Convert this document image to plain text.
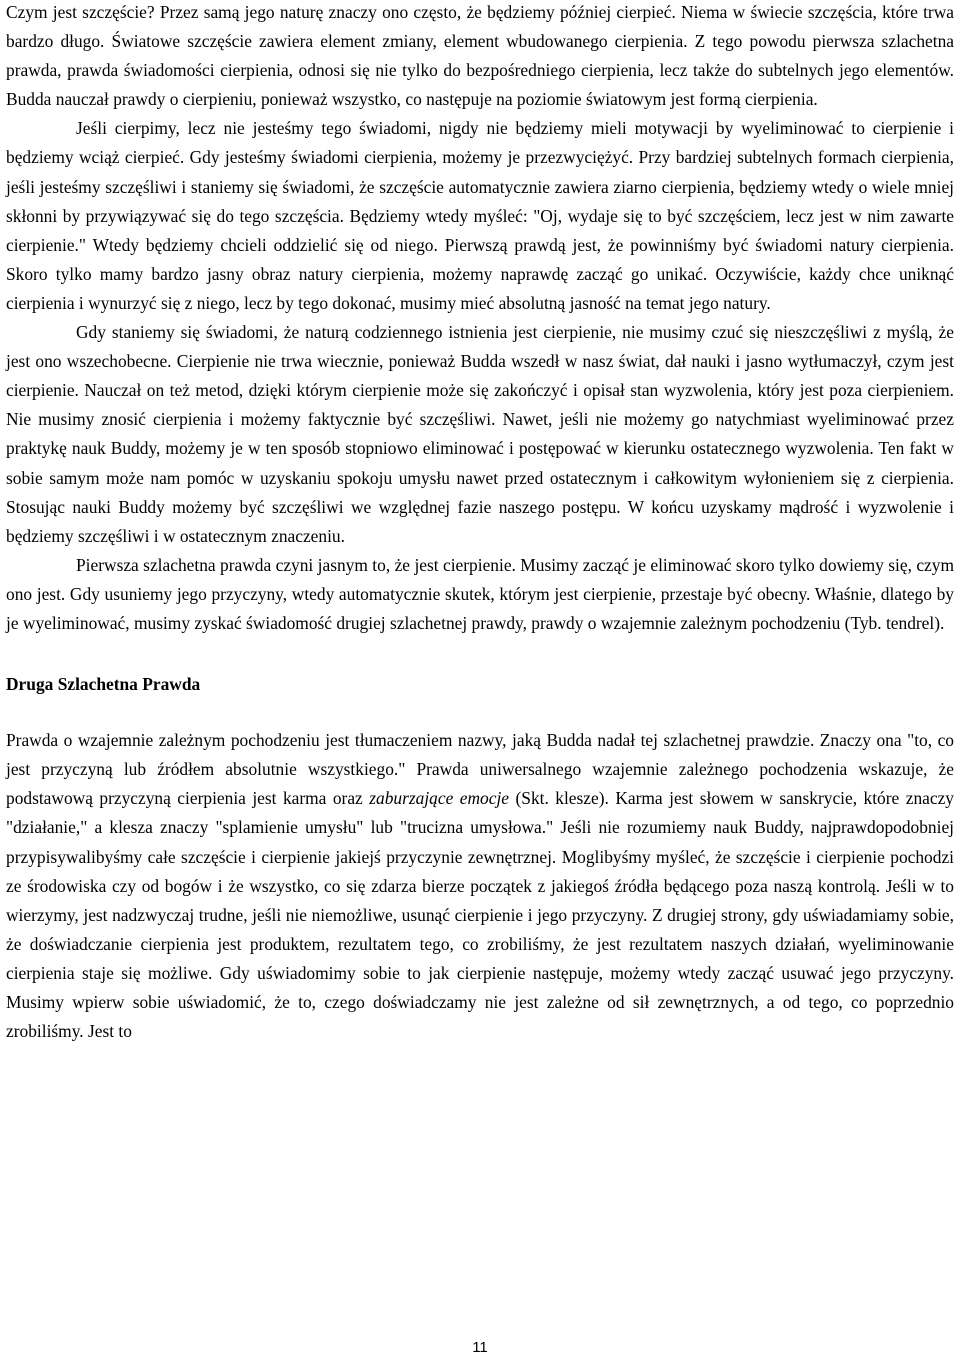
Czym jest szczęście? Przez samą jego naturę znaczy ono często, że będziemy później cierpieć. Niema w świecie szczęścia, które trwa bardzo długo. Światowe szczęście zawiera element zmiany, element wbudowanego cierpienia. Z tego powodu pierwsza szlachetna prawda, prawda świadomości cierpienia, odnosi się nie tylko do bezpośredniego cierpienia, lecz także do subtelnych jego elementów. Budda nauczał prawdy o cierpieniu, ponieważ wszystko, co następuje na poziomie światowym jest formą cierpienia.

Jeśli cierpimy, lecz nie jesteśmy tego świadomi, nigdy nie będziemy mieli motywacji by wyeliminować to cierpienie i będziemy wciąż cierpieć. Gdy jesteśmy świadomi cierpienia, możemy je przezwyciężyć. Przy bardziej subtelnych formach cierpienia, jeśli jesteśmy szczęśliwi i staniemy się świadomi, że szczęście automatycznie zawiera ziarno cierpienia, będziemy wtedy o wiele mniej skłonni by przywiązywać się do tego szczęścia. Będziemy wtedy myśleć: "Oj, wydaje się to być szczęściem, lecz jest w nim zawarte cierpienie." Wtedy będziemy chcieli oddzielić się od niego. Pierwszą prawdą jest, że powinniśmy być świadomi natury cierpienia. Skoro tylko mamy bardzo jasny obraz natury cierpienia, możemy naprawdę zacząć go unikać. Oczywiście, każdy chce uniknąć cierpienia i wynurzyć się z niego, lecz by tego dokonać, musimy mieć absolutną jasność na temat jego natury.

Gdy staniemy się świadomi, że naturą codziennego istnienia jest cierpienie, nie musimy czuć się nieszczęśliwi z myślą, że jest ono wszechobecne. Cierpienie nie trwa wiecznie, ponieważ Budda wszedł w nasz świat, dał nauki i jasno wytłumaczył, czym jest cierpienie. Nauczał on też metod, dzięki którym cierpienie może się zakończyć i opisał stan wyzwolenia, który jest poza cierpieniem. Nie musimy znosić cierpienia i możemy faktycznie być szczęśliwi. Nawet, jeśli nie możemy go natychmiast wyeliminować przez praktykę nauk Buddy, możemy je w ten sposób stopniowo eliminować i postępować w kierunku ostatecznego wyzwolenia. Ten fakt w sobie samym może nam pomóc w uzyskaniu spokoju umysłu nawet przed ostatecznym i całkowitym wyłonieniem się z cierpienia. Stosując nauki Buddy możemy być szczęśliwi we względnej fazie naszego postępu. W końcu uzyskamy mądrość i wyzwolenie i będziemy szczęśliwi i w ostatecznym znaczeniu.

Pierwsza szlachetna prawda czyni jasnym to, że jest cierpienie. Musimy zacząć je eliminować skoro tylko dowiemy się, czym ono jest. Gdy usuniemy jego przyczyny, wtedy automatycznie skutek, którym jest cierpienie, przestaje być obecny. Właśnie, dlatego by je wyeliminować, musimy zyskać świadomość drugiej szlachetnej prawdy, prawdy o wzajemnie zależnym pochodzeniu (Tyb. tendrel).

Druga Szlachetna Prawda

Prawda o wzajemnie zależnym pochodzeniu jest tłumaczeniem nazwy, jaką Budda nadał tej szlachetnej prawdzie. Znaczy ona "to, co jest przyczyną lub źródłem absolutnie wszystkiego." Prawda uniwersalnego wzajemnie zależnego pochodzenia wskazuje, że podstawową przyczyną cierpienia jest karma oraz zaburzające emocje (Skt. klesze). Karma jest słowem w sanskrycie, które znaczy "działanie," a klesza znaczy "splamienie umysłu" lub "trucizna umysłowa." Jeśli nie rozumiemy nauk Buddy, najprawdopodobniej przypisywalibyśmy całe szczęście i cierpienie jakiejś przyczynie zewnętrznej. Moglibyśmy myśleć, że szczęście i cierpienie pochodzi ze środowiska czy od bogów i że wszystko, co się zdarza bierze początek z jakiegoś źródła będącego poza naszą kontrolą. Jeśli w to wierzymy, jest nadzwyczaj trudne, jeśli nie niemożliwe, usunąć cierpienie i jego przyczyny. Z drugiej strony, gdy uświadamiamy sobie, że doświadczanie cierpienia jest produktem, rezultatem tego, co zrobiliśmy, że jest rezultatem naszych działań, wyeliminowanie cierpienia staje się możliwe. Gdy uświadomimy sobie to jak cierpienie następuje, możemy wtedy zacząć usuwać jego przyczyny. Musimy wpierw sobie uświadomić, że to, czego doświadczamy nie jest zależne od sił zewnętrznych, a od tego, co poprzednio zrobiliśmy. Jest to

11
